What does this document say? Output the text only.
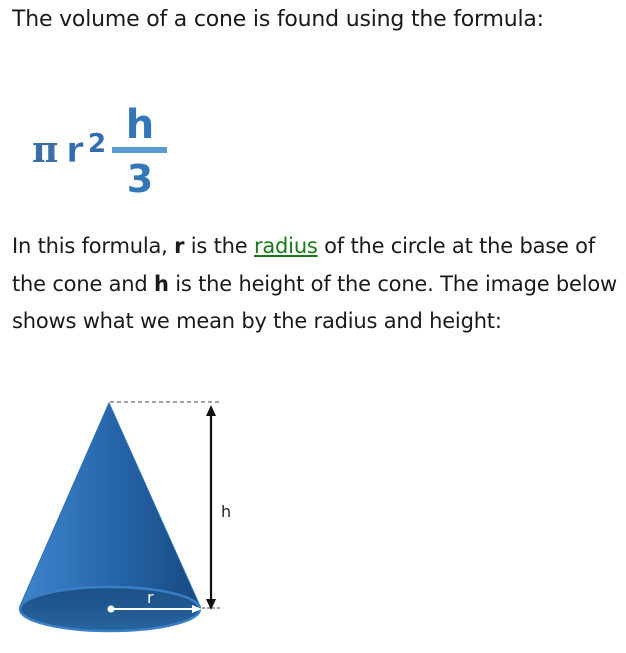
The volume of a cone is found using the formula:

π r 2 h
3

In this formula, r is the radius of the circle at the base of the cone and h is the height of the cone. The image below shows what we mean by the radius and height:

h
r
